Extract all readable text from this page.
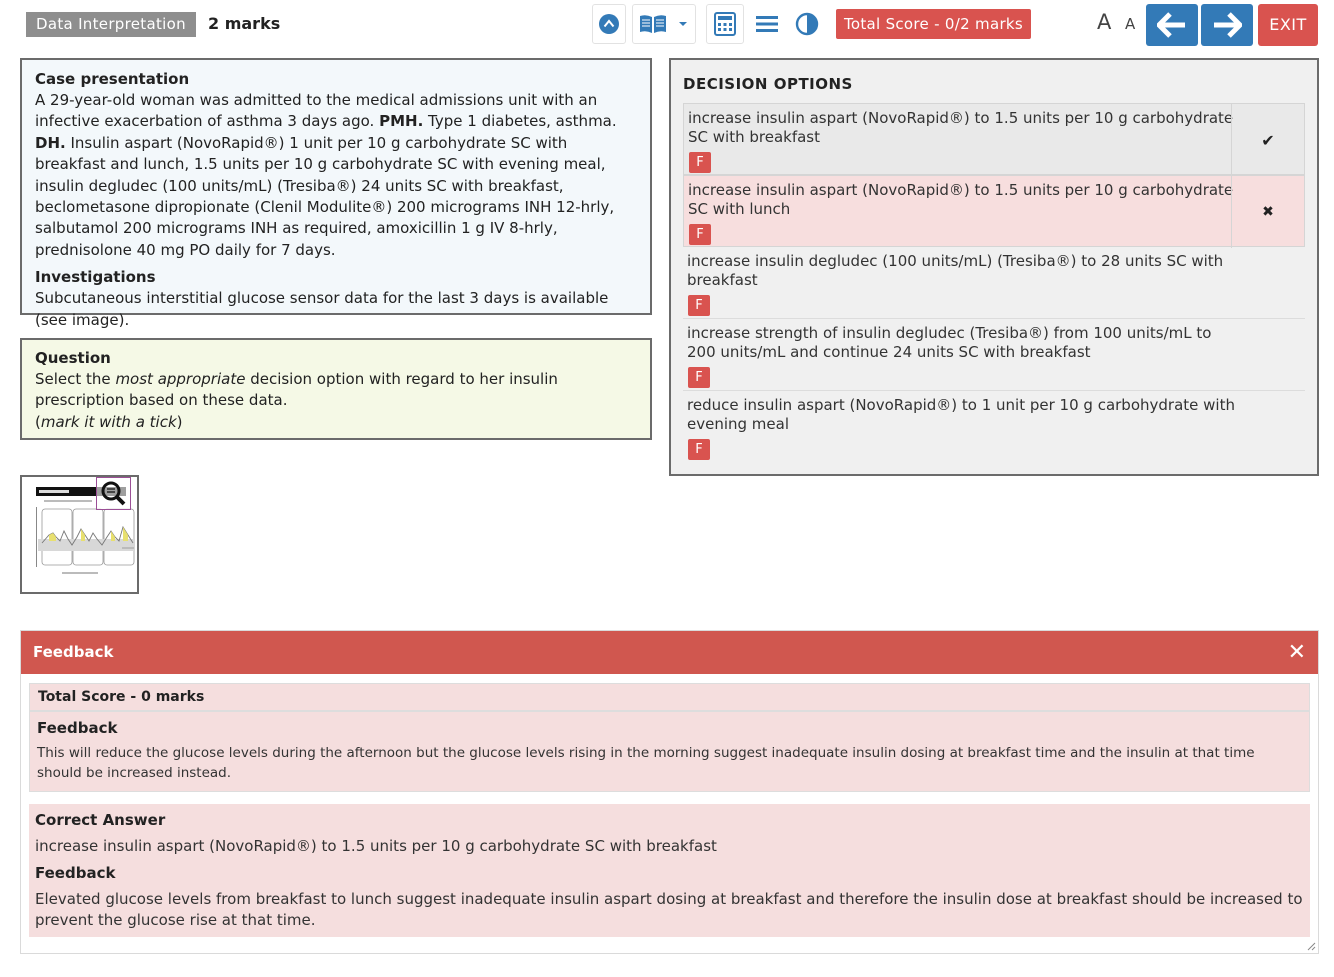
Data Interpretation	2 marks	Total Score - 0/2 marks	A A	EXIT
Case presentation

A 29-year-old woman was admitted to the medical admissions unit with an infective exacerbation of asthma 3 days ago. PMH. Type 1 diabetes, asthma. DH. Insulin aspart (NovoRapid®) 1 unit per 10 g carbohydrate SC with breakfast and lunch, 1.5 units per 10 g carbohydrate SC with evening meal, insulin degludec (100 units/mL) (Tresiba®) 24 units SC with breakfast, beclometasone dipropionate (Clenil Modulite®) 200 micrograms INH 12-hrly, salbutamol 200 micrograms INH as required, amoxicillin 1 g IV 8-hrly, prednisolone 40 mg PO daily for 7 days.

Investigations

Subcutaneous interstitial glucose sensor data for the last 3 days is available (see image).

Question

Select the most appropriate decision option with regard to her insulin prescription based on these data.

(mark it with a tick)

DECISION OPTIONS
increase insulin aspart (NovoRapid®) to 1.5 units per 10 g carbohydrate SC with breakfast
F
✔
increase insulin aspart (NovoRapid®) to 1.5 units per 10 g carbohydrate SC with lunch
F
✖
increase insulin degludec (100 units/mL) (Tresiba®) to 28 units SC with breakfast
F
increase strength of insulin degludec (Tresiba®) from 100 units/mL to 200 units/mL and continue 24 units SC with breakfast
F
reduce insulin aspart (NovoRapid®) to 1 unit per 10 g carbohydrate with evening meal
F
Feedback	✕
Total Score - 0 marks
Feedback

This will reduce the glucose levels during the afternoon but the glucose levels rising in the morning suggest inadequate insulin dosing at breakfast time and the insulin at that time should be increased instead.

Correct Answer

increase insulin aspart (NovoRapid®) to 1.5 units per 10 g carbohydrate SC with breakfast

Feedback

Elevated glucose levels from breakfast to lunch suggest inadequate insulin aspart dosing at breakfast and therefore the insulin dose at breakfast should be increased to prevent the glucose rise at that time.
